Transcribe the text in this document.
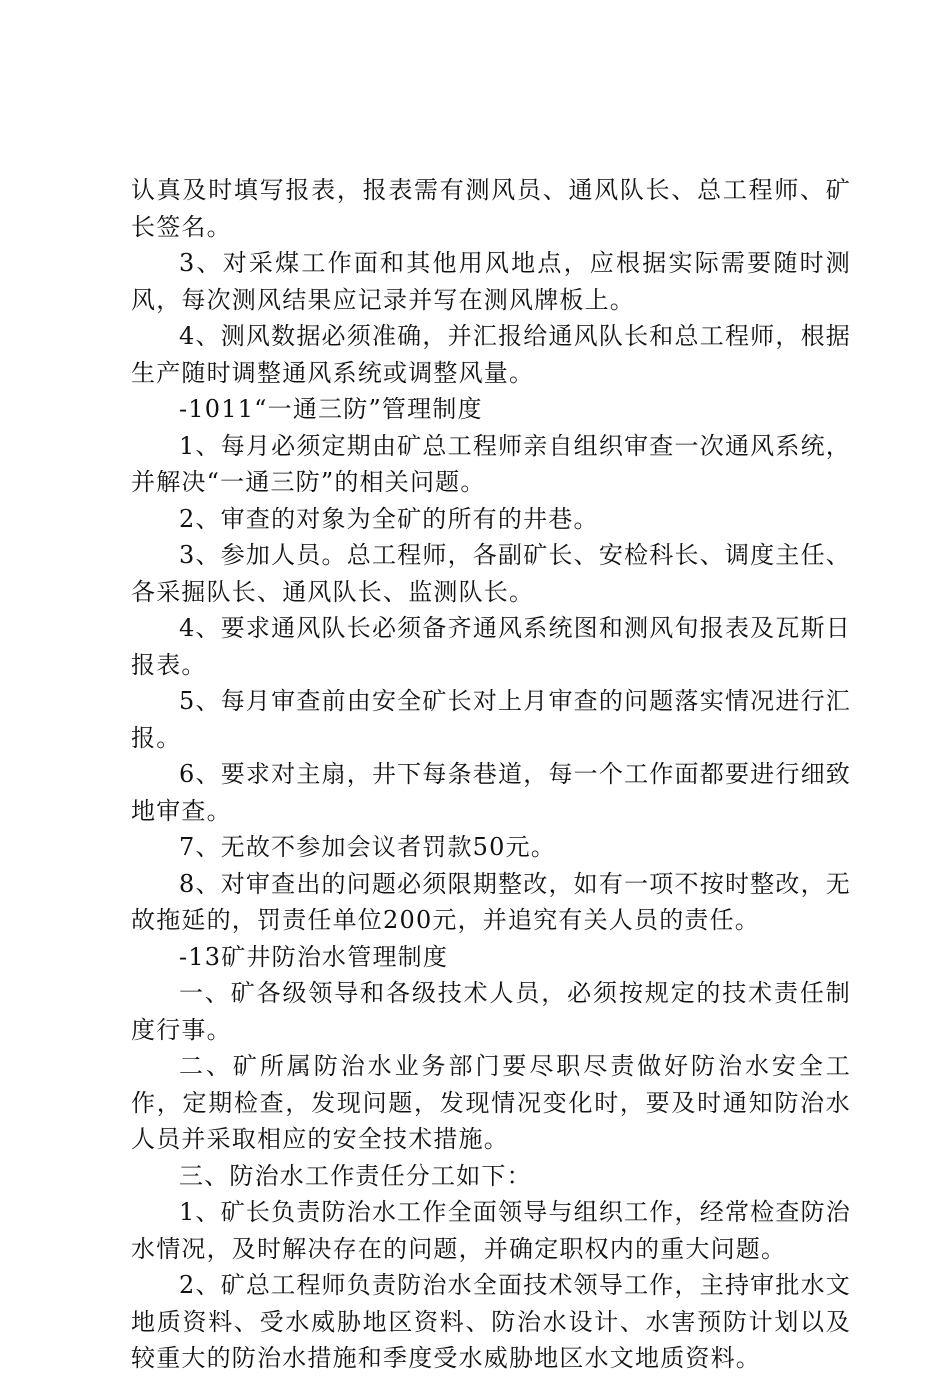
认真及时填写报表，报表需有测风员、通风队长、总工程师、矿长签名。

3、对采煤工作面和其他用风地点，应根据实际需要随时测风，每次测风结果应记录并写在测风牌板上。

4、测风数据必须准确，并汇报给通风队长和总工程师，根据生产随时调整通风系统或调整风量。

-1011“一通三防”管理制度

1、每月必须定期由矿总工程师亲自组织审查一次通风系统，并解决“一通三防”的相关问题。

2、审查的对象为全矿的所有的井巷。

3、参加人员。总工程师，各副矿长、安检科长、调度主任、各采掘队长、通风队长、监测队长。

4、要求通风队长必须备齐通风系统图和测风旬报表及瓦斯日报表。

5、每月审查前由安全矿长对上月审查的问题落实情况进行汇报。

6、要求对主扇，井下每条巷道，每一个工作面都要进行细致地审查。

7、无故不参加会议者罚款50元。

8、对审查出的问题必须限期整改，如有一项不按时整改，无故拖延的，罚责任单位200元，并追究有关人员的责任。

-13矿井防治水管理制度

一、矿各级领导和各级技术人员，必须按规定的技术责任制度行事。

二、矿所属防治水业务部门要尽职尽责做好防治水安全工作，定期检查，发现问题，发现情况变化时，要及时通知防治水人员并采取相应的安全技术措施。

三、防治水工作责任分工如下：

1、矿长负责防治水工作全面领导与组织工作，经常检查防治水情况，及时解决存在的问题，并确定职权内的重大问题。

2、矿总工程师负责防治水全面技术领导工作，主持审批水文地质资料、受水威胁地区资料、防治水设计、水害预防计划以及较重大的防治水措施和季度受水威胁地区水文地质资料。
